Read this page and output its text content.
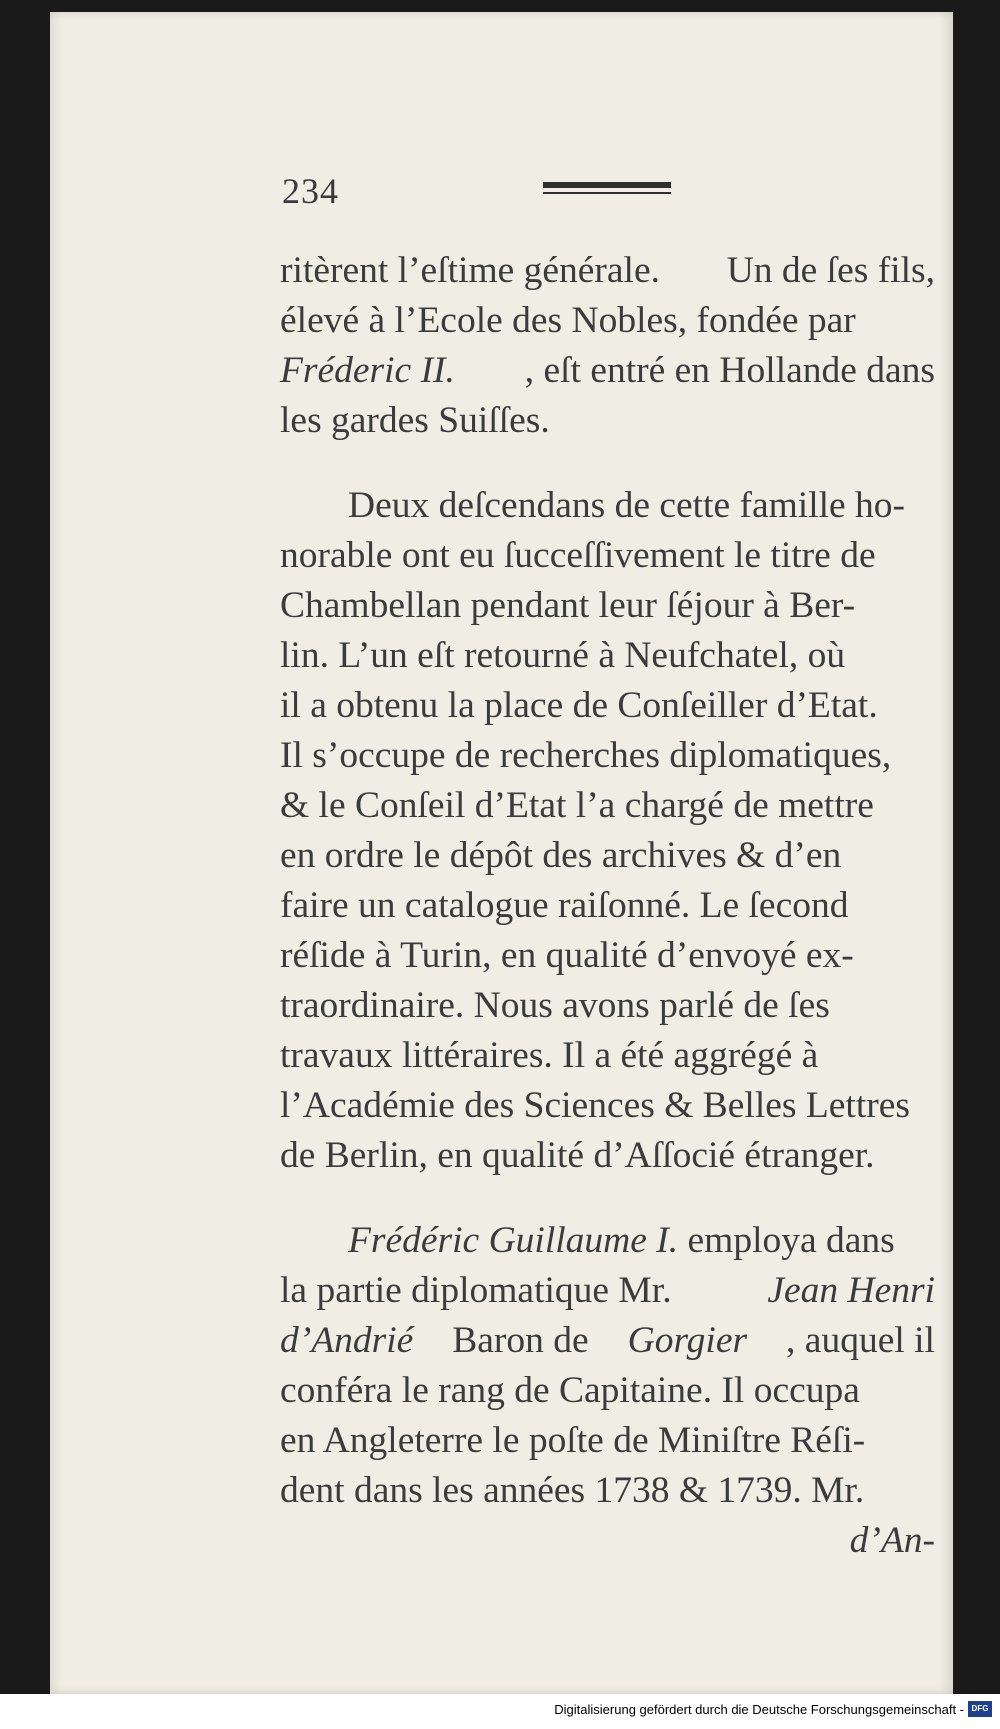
234
ritèrent l’eſtime générale. Un de ſes fils,
élevé à l’Ecole des Nobles, fondée par
Fréderic II. , eſt entré en Hollande dans
les gardes Suiſſes.
Deux deſcendans de cette famille ho-
norable ont eu ſucceſſivement le titre de
Chambellan pendant leur ſéjour à Ber-
lin. L’un eſt retourné à Neufchatel, où
il a obtenu la place de Conſeiller d’Etat.
Il s’occupe de recherches diplomatiques,
& le Conſeil d’Etat l’a chargé de mettre
en ordre le dépôt des archives & d’en
faire un catalogue raiſonné. Le ſecond
réſide à Turin, en qualité d’envoyé ex-
traordinaire. Nous avons parlé de ſes
travaux littéraires. Il a été aggrégé à
l’Académie des Sciences & Belles Lettres
de Berlin, en qualité d’Aſſocié étranger.
Frédéric Guillaume I. employa dans
la partie diplomatique Mr.	Jean Henri
d’Andrié Baron de Gorgier , auquel il
conféra le rang de Capitaine. Il occupa
en Angleterre le poſte de Miniſtre Réſi-
dent dans les années 1738 & 1739. Mr.
d’An-
Digitalisierung gefördert durch die Deutsche Forschungsgemeinschaft - DFG
